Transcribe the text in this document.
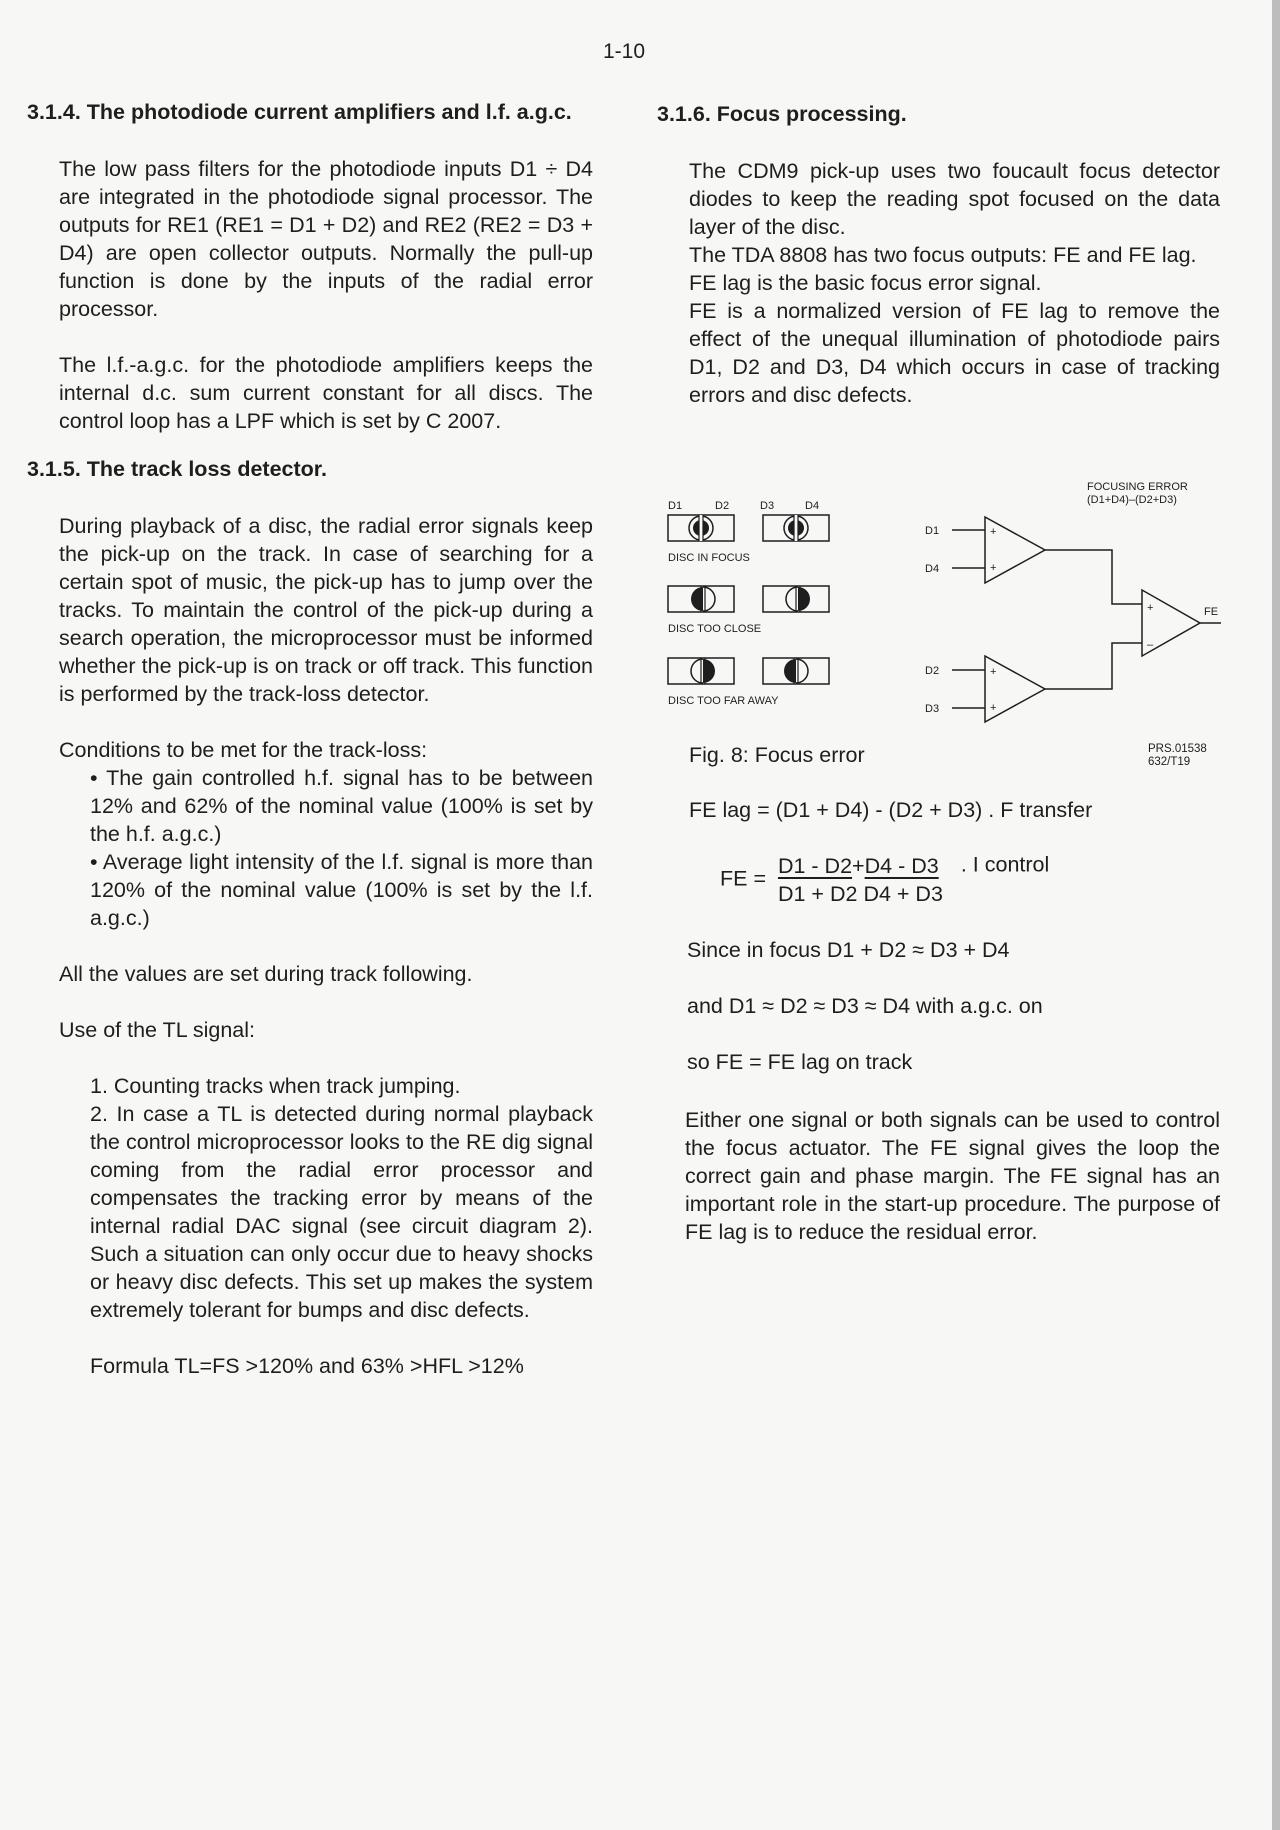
1-10
3.1.4. The photodiode current amplifiers and l.f. a.g.c.

The low pass filters for the photodiode inputs D1 ÷ D4 are integrated in the photodiode signal processor. The outputs for RE1 (RE1 = D1 + D2) and RE2 (RE2 = D3 + D4) are open collector outputs. Normally the pull-up function is done by the inputs of the radial error processor.

The l.f.-a.g.c. for the photodiode amplifiers keeps the internal d.c. sum current constant for all discs. The control loop has a LPF which is set by C 2007.

3.1.5. The track loss detector.

During playback of a disc, the radial error signals keep the pick-up on the track. In case of searching for a certain spot of music, the pick-up has to jump over the tracks. To maintain the control of the pick-up during a search operation, the microprocessor must be informed whether the pick-up is on track or off track. This function is performed by the track-loss detector.

Conditions to be met for the track-loss:

• The gain controlled h.f. signal has to be between 12% and 62% of the nominal value (100% is set by the h.f. a.g.c.)

• Average light intensity of the l.f. signal is more than 120% of the nominal value (100% is set by the l.f. a.g.c.)

All the values are set during track following.

Use of the TL signal:

1. Counting tracks when track jumping.

2. In case a TL is detected during normal playback the control microprocessor looks to the RE dig signal coming from the radial error processor and compensates the tracking error by means of the internal radial DAC signal (see circuit diagram 2). Such a situation can only occur due to heavy shocks or heavy disc defects. This set up makes the system extremely tolerant for bumps and disc defects.

Formula TL=FS >120% and 63% >HFL >12%

3.1.6. Focus processing.

The CDM9 pick-up uses two foucault focus detector diodes to keep the reading spot focused on the data layer of the disc.

The TDA 8808 has two focus outputs: FE and FE lag.

FE lag is the basic focus error signal.

FE is a normalized version of FE lag to remove the effect of the unequal illumination of photodiode pairs D1, D2 and D3, D4 which occurs in case of tracking errors and disc defects.

D1	D2	D3	D4
DISC IN FOCUS
DISC TOO CLOSE
DISC TOO FAR AWAY
FOCUSING ERROR
(D1+D4)–(D2+D3)
D1
D4
+
+
D2
D3
+
+
+
–
FE
Fig. 8: Focus error	PRS.01538
632/T19
FE lag = (D1 + D4) - (D2 + D3) . F transfer
FE =
D1 - D2+D4 - D3
D1 + D2 D4 + D3
. I control
Since in focus D1 + D2 ≈ D3 + D4
and D1 ≈ D2 ≈ D3 ≈ D4 with a.g.c. on
so FE = FE lag on track

Either one signal or both signals can be used to control the focus actuator. The FE signal gives the loop the correct gain and phase margin. The FE signal has an important role in the start-up procedure. The purpose of FE lag is to reduce the residual error.
